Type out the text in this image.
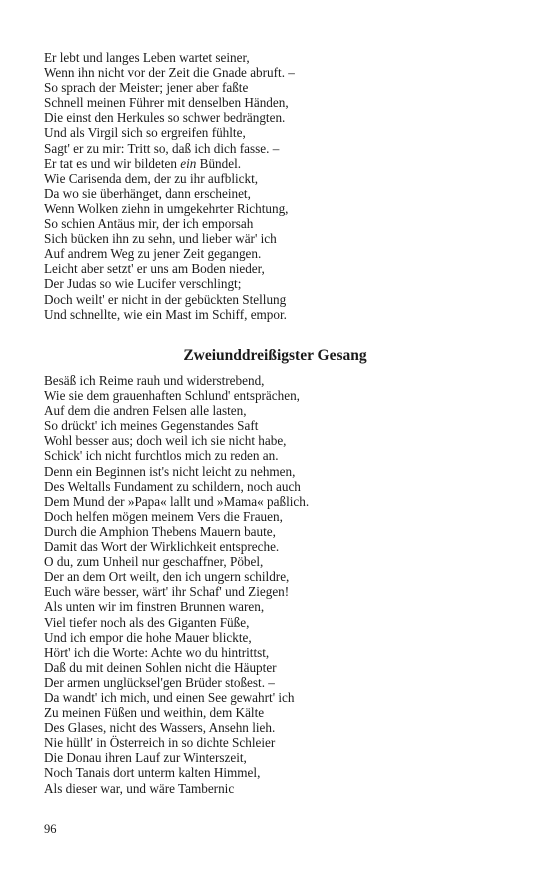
Er lebt und langes Leben wartet seiner,
Wenn ihn nicht vor der Zeit die Gnade abruft. –
So sprach der Meister; jener aber faßte
Schnell meinen Führer mit denselben Händen,
Die einst den Herkules so schwer bedrängten.
Und als Virgil sich so ergreifen fühlte,
Sagt' er zu mir: Tritt so, daß ich dich fasse. –
Er tat es und wir bildeten ein Bündel.
Wie Carisenda dem, der zu ihr aufblickt,
Da wo sie überhänget, dann erscheinet,
Wenn Wolken ziehn in umgekehrter Richtung,
So schien Antäus mir, der ich emporsah
Sich bücken ihn zu sehn, und lieber wär' ich
Auf andrem Weg zu jener Zeit gegangen.
Leicht aber setzt' er uns am Boden nieder,
Der Judas so wie Lucifer verschlingt;
Doch weilt' er nicht in der gebückten Stellung
Und schnellte, wie ein Mast im Schiff, empor.
Zweiunddreißigster Gesang
Besäß ich Reime rauh und widerstrebend,
Wie sie dem grauenhaften Schlund' entsprächen,
Auf dem die andren Felsen alle lasten,
So drückt' ich meines Gegenstandes Saft
Wohl besser aus; doch weil ich sie nicht habe,
Schick' ich nicht furchtlos mich zu reden an.
Denn ein Beginnen ist's nicht leicht zu nehmen,
Des Weltalls Fundament zu schildern, noch auch
Dem Mund der »Papa« lallt und »Mama« paßlich.
Doch helfen mögen meinem Vers die Frauen,
Durch die Amphion Thebens Mauern baute,
Damit das Wort der Wirklichkeit entspreche.
O du, zum Unheil nur geschaffner, Pöbel,
Der an dem Ort weilt, den ich ungern schildre,
Euch wäre besser, wärt' ihr Schaf' und Ziegen!
Als unten wir im finstren Brunnen waren,
Viel tiefer noch als des Giganten Füße,
Und ich empor die hohe Mauer blickte,
Hört' ich die Worte: Achte wo du hintrittst,
Daß du mit deinen Sohlen nicht die Häupter
Der armen unglücksel'gen Brüder stoßest. –
Da wandt' ich mich, und einen See gewahrt' ich
Zu meinen Füßen und weithin, dem Kälte
Des Glases, nicht des Wassers, Ansehn lieh.
Nie hüllt' in Österreich in so dichte Schleier
Die Donau ihren Lauf zur Winterszeit,
Noch Tanais dort unterm kalten Himmel,
Als dieser war, und wäre Tambernic
96
